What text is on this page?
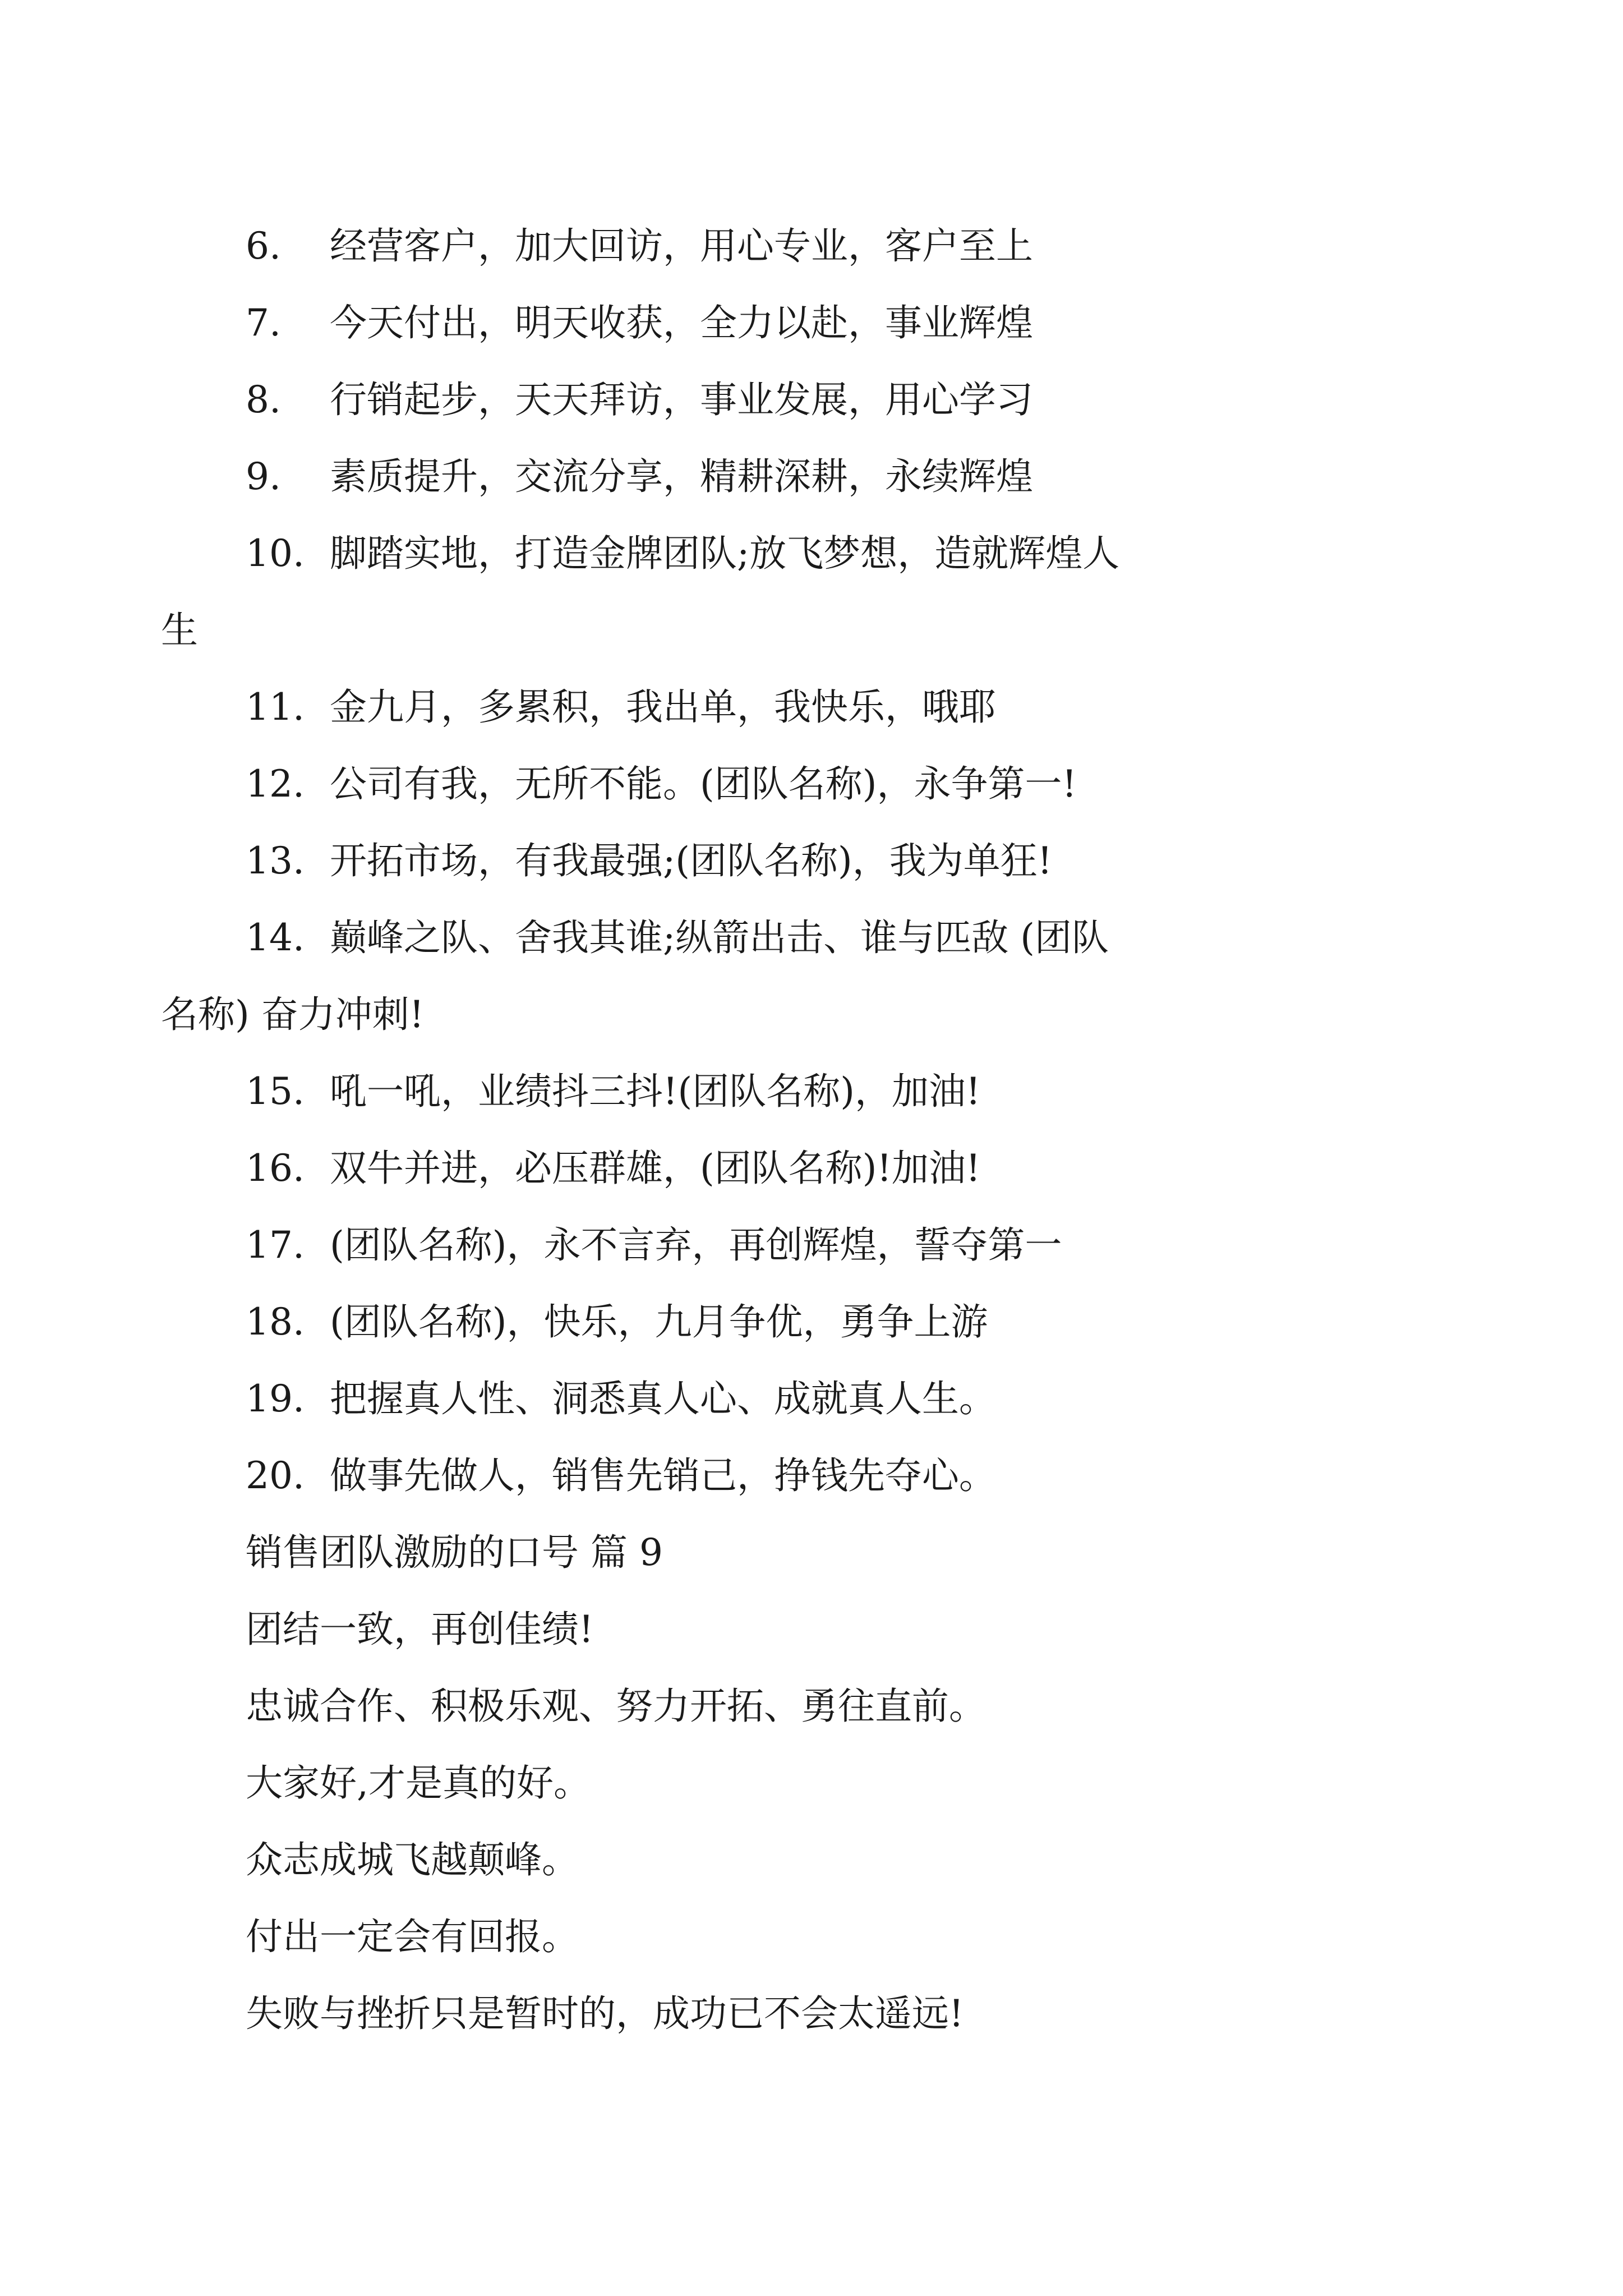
6. 经营客户，加大回访，用心专业，客户至上
7. 今天付出，明天收获，全力以赴，事业辉煌
8. 行销起步，天天拜访，事业发展，用心学习
9. 素质提升，交流分享，精耕深耕，永续辉煌
10. 脚踏实地，打造金牌团队;放飞梦想，造就辉煌人
生
11. 金九月，多累积，我出单，我快乐，哦耶
12. 公司有我，无所不能。(团队名称)，永争第一!
13. 开拓市场，有我最强;(团队名称)，我为单狂!
14. 巅峰之队、舍我其谁;纵箭出击、谁与匹敌 (团队
名称) 奋力冲刺!
15. 吼一吼，业绩抖三抖!(团队名称)，加油!
16. 双牛并进，必压群雄，(团队名称)!加油!
17. (团队名称)，永不言弃，再创辉煌，誓夺第一
18. (团队名称)，快乐，九月争优，勇争上游
19. 把握真人性、洞悉真人心、成就真人生。
20. 做事先做人，销售先销己，挣钱先夺心。
销售团队激励的口号 篇 9
团结一致，再创佳绩!
忠诚合作、积极乐观、努力开拓、勇往直前。
大家好,才是真的好。
众志成城飞越颠峰。
付出一定会有回报。
失败与挫折只是暂时的，成功已不会太遥远!
